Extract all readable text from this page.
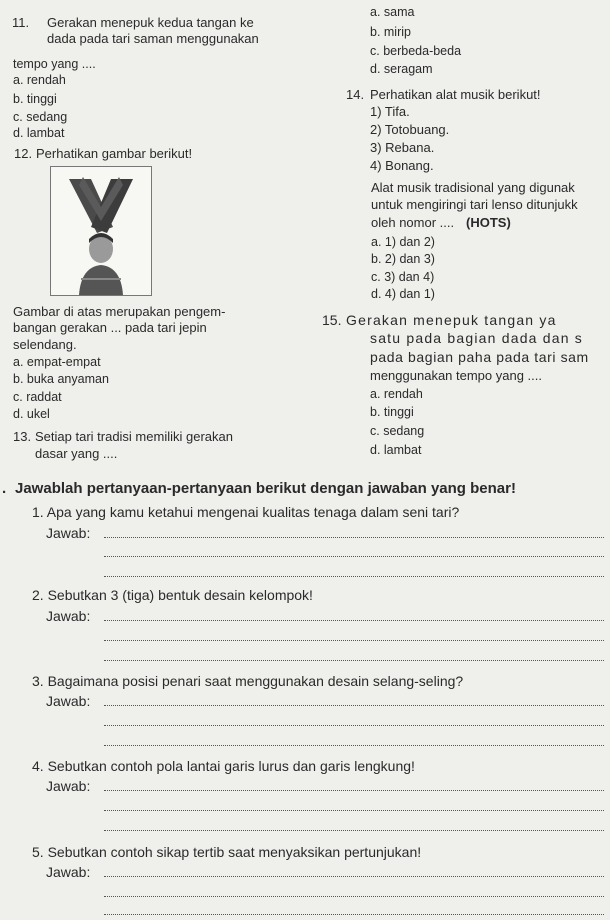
11. Gerakan menepuk kedua tangan ke
dada pada tari saman menggunakan
tempo yang ....
a. rendah
b. tinggi
c. sedang
d. lambat
12. Perhatikan gambar berikut!
Gambar di atas merupakan pengem-
bangan gerakan ... pada tari jepin
selendang.
a. empat-empat
b. buka anyaman
c. raddat
d. ukel
13. Setiap tari tradisi memiliki gerakan
dasar yang ....
a. sama
b. mirip
c. berbeda-beda
d. seragam
14. Perhatikan alat musik berikut!
1) Tifa.
2) Totobuang.
3) Rebana.
4) Bonang.
Alat musik tradisional yang digunak
untuk mengiringi tari lenso ditunjukk
oleh nomor .... (HOTS)
a. 1) dan 2)
b. 2) dan 3)
c. 3) dan 4)
d. 4) dan 1)
15. Gerakan menepuk tangan ya
satu pada bagian dada dan s
pada bagian paha pada tari sam
menggunakan tempo yang ....
a. rendah
b. tinggi
c. sedang
d. lambat
. Jawablah pertanyaan-pertanyaan berikut dengan jawaban yang benar!
1. Apa yang kamu ketahui mengenai kualitas tenaga dalam seni tari?
Jawab:
2. Sebutkan 3 (tiga) bentuk desain kelompok!
Jawab:
3. Bagaimana posisi penari saat menggunakan desain selang-seling?
Jawab:
4. Sebutkan contoh pola lantai garis lurus dan garis lengkung!
Jawab:
5. Sebutkan contoh sikap tertib saat menyaksikan pertunjukan!
Jawab:
